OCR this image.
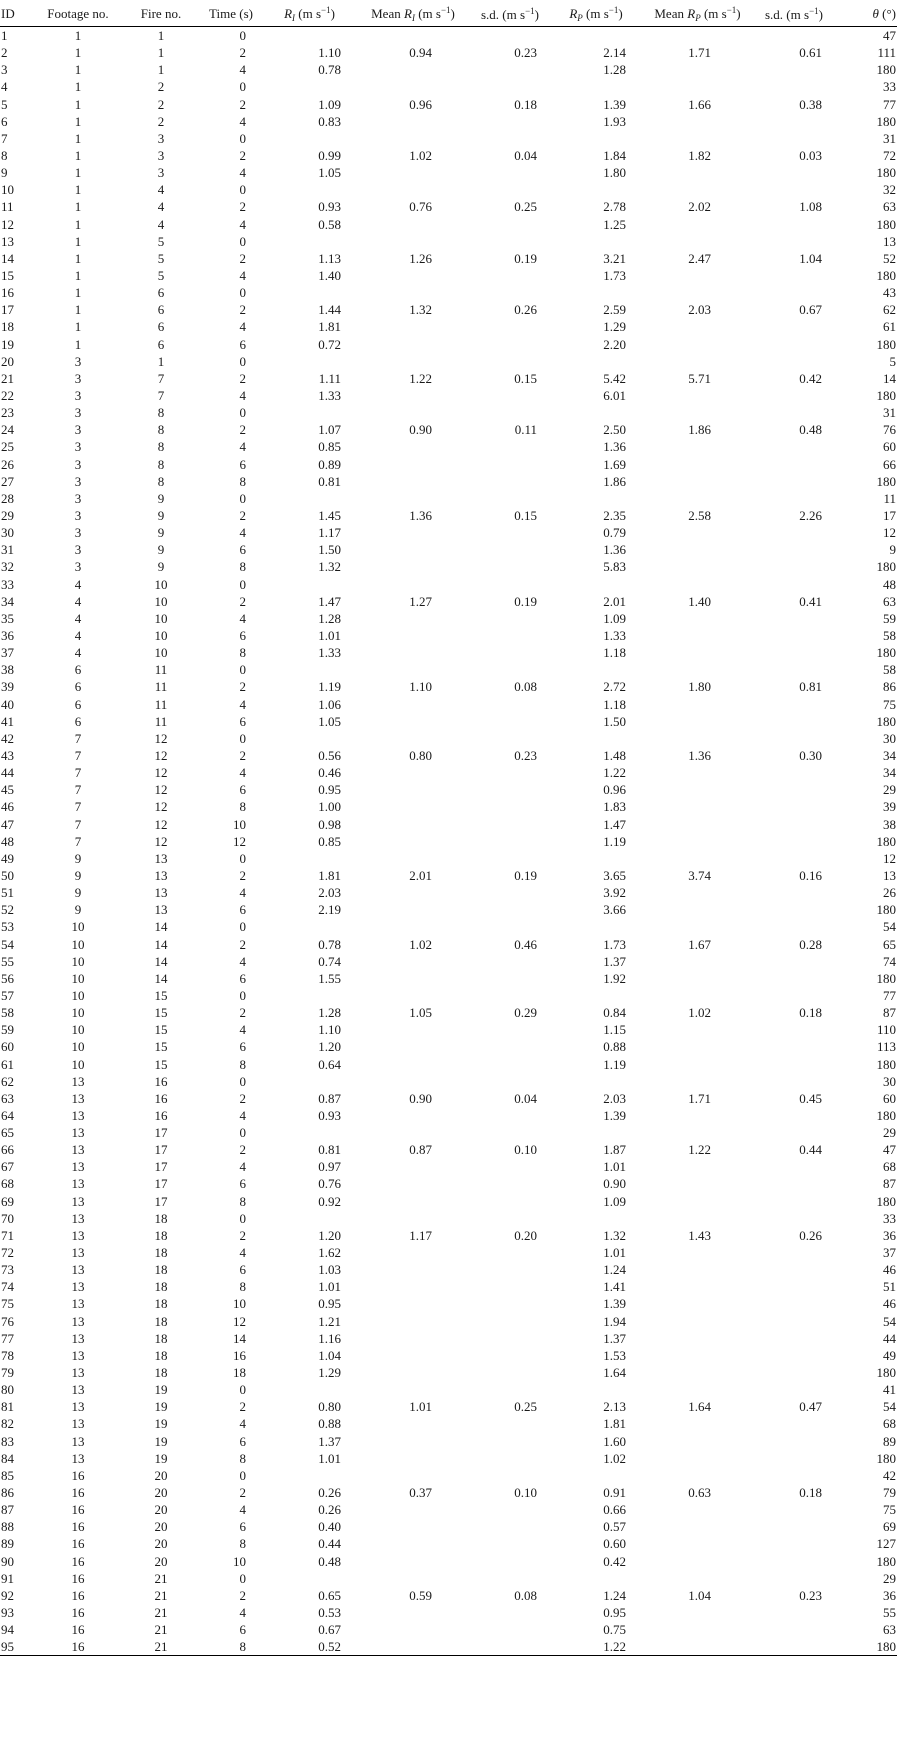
ID	Footage no.	Fire no.	Time (s)	$R_I$ (m $s^{-1}$)	Mean $R_I$ (m $s^{-1}$)	s.d. (m $s^{-1}$)	$R_P$ (m $s^{-1}$)	Mean $R_P$ (m $s^{-1}$)	s.d. (m $s^{-1}$)	θ (°)
1	1	1	0							47
2	1	1	2	1.10	0.94	0.23	2.14	1.71	0.61	111
3	1	1	4	0.78			1.28			180
4	1	2	0							33
5	1	2	2	1.09	0.96	0.18	1.39	1.66	0.38	77
6	1	2	4	0.83			1.93			180
7	1	3	0							31
8	1	3	2	0.99	1.02	0.04	1.84	1.82	0.03	72
9	1	3	4	1.05			1.80			180
10	1	4	0							32
11	1	4	2	0.93	0.76	0.25	2.78	2.02	1.08	63
12	1	4	4	0.58			1.25			180
13	1	5	0							13
14	1	5	2	1.13	1.26	0.19	3.21	2.47	1.04	52
15	1	5	4	1.40			1.73			180
16	1	6	0							43
17	1	6	2	1.44	1.32	0.26	2.59	2.03	0.67	62
18	1	6	4	1.81			1.29			61
19	1	6	6	0.72			2.20			180
20	3	1	0							5
21	3	7	2	1.11	1.22	0.15	5.42	5.71	0.42	14
22	3	7	4	1.33			6.01			180
23	3	8	0							31
24	3	8	2	1.07	0.90	0.11	2.50	1.86	0.48	76
25	3	8	4	0.85			1.36			60
26	3	8	6	0.89			1.69			66
27	3	8	8	0.81			1.86			180
28	3	9	0							11
29	3	9	2	1.45	1.36	0.15	2.35	2.58	2.26	17
30	3	9	4	1.17			0.79			12
31	3	9	6	1.50			1.36			9
32	3	9	8	1.32			5.83			180
33	4	10	0							48
34	4	10	2	1.47	1.27	0.19	2.01	1.40	0.41	63
35	4	10	4	1.28			1.09			59
36	4	10	6	1.01			1.33			58
37	4	10	8	1.33			1.18			180
38	6	11	0							58
39	6	11	2	1.19	1.10	0.08	2.72	1.80	0.81	86
40	6	11	4	1.06			1.18			75
41	6	11	6	1.05			1.50			180
42	7	12	0							30
43	7	12	2	0.56	0.80	0.23	1.48	1.36	0.30	34
44	7	12	4	0.46			1.22			34
45	7	12	6	0.95			0.96			29
46	7	12	8	1.00			1.83			39
47	7	12	10	0.98			1.47			38
48	7	12	12	0.85			1.19			180
49	9	13	0							12
50	9	13	2	1.81	2.01	0.19	3.65	3.74	0.16	13
51	9	13	4	2.03			3.92			26
52	9	13	6	2.19			3.66			180
53	10	14	0							54
54	10	14	2	0.78	1.02	0.46	1.73	1.67	0.28	65
55	10	14	4	0.74			1.37			74
56	10	14	6	1.55			1.92			180
57	10	15	0							77
58	10	15	2	1.28	1.05	0.29	0.84	1.02	0.18	87
59	10	15	4	1.10			1.15			110
60	10	15	6	1.20			0.88			113
61	10	15	8	0.64			1.19			180
62	13	16	0							30
63	13	16	2	0.87	0.90	0.04	2.03	1.71	0.45	60
64	13	16	4	0.93			1.39			180
65	13	17	0							29
66	13	17	2	0.81	0.87	0.10	1.87	1.22	0.44	47
67	13	17	4	0.97			1.01			68
68	13	17	6	0.76			0.90			87
69	13	17	8	0.92			1.09			180
70	13	18	0							33
71	13	18	2	1.20	1.17	0.20	1.32	1.43	0.26	36
72	13	18	4	1.62			1.01			37
73	13	18	6	1.03			1.24			46
74	13	18	8	1.01			1.41			51
75	13	18	10	0.95			1.39			46
76	13	18	12	1.21			1.94			54
77	13	18	14	1.16			1.37			44
78	13	18	16	1.04			1.53			49
79	13	18	18	1.29			1.64			180
80	13	19	0							41
81	13	19	2	0.80	1.01	0.25	2.13	1.64	0.47	54
82	13	19	4	0.88			1.81			68
83	13	19	6	1.37			1.60			89
84	13	19	8	1.01			1.02			180
85	16	20	0							42
86	16	20	2	0.26	0.37	0.10	0.91	0.63	0.18	79
87	16	20	4	0.26			0.66			75
88	16	20	6	0.40			0.57			69
89	16	20	8	0.44			0.60			127
90	16	20	10	0.48			0.42			180
91	16	21	0							29
92	16	21	2	0.65	0.59	0.08	1.24	1.04	0.23	36
93	16	21	4	0.53			0.95			55
94	16	21	6	0.67			0.75			63
95	16	21	8	0.52			1.22			180
